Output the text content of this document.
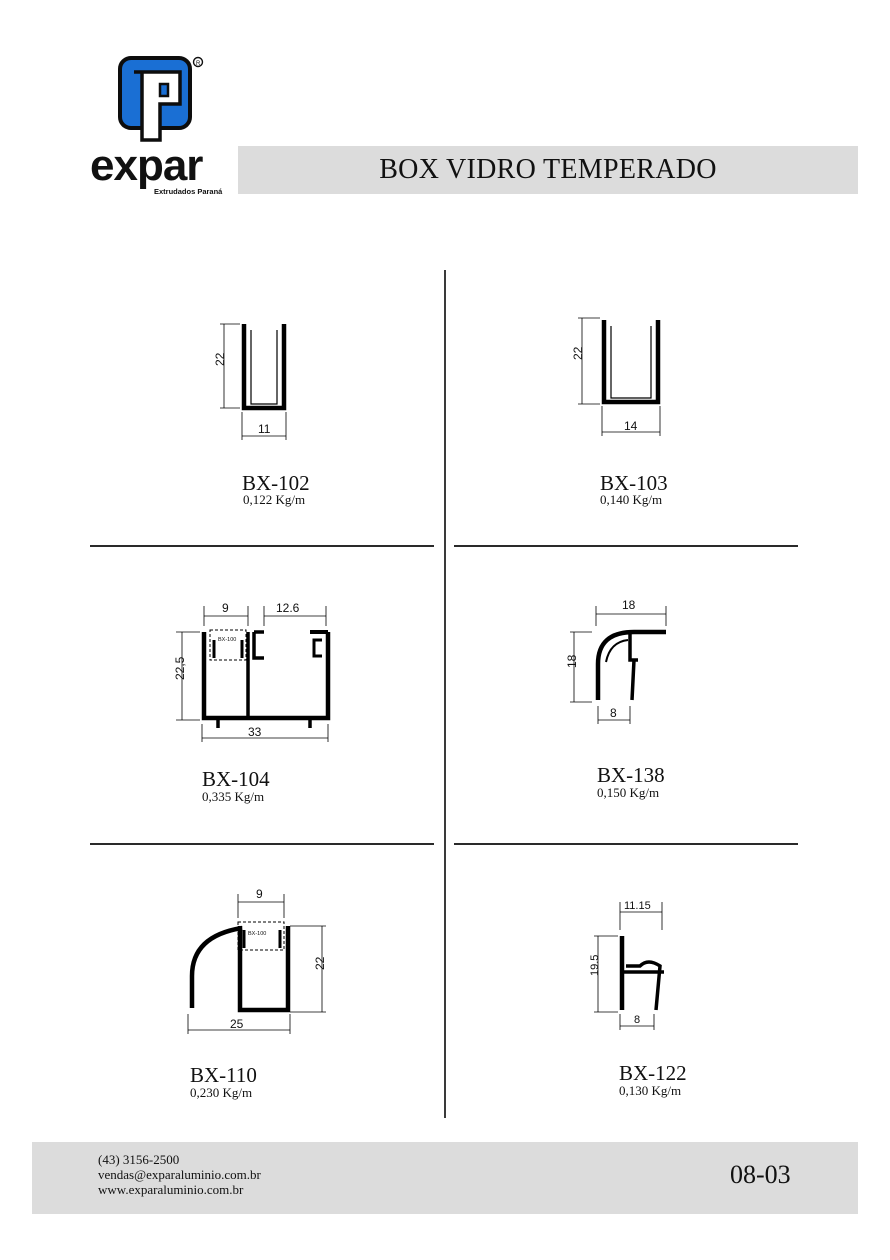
R
expar
Extrudados Paraná
BOX VIDRO TEMPERADO
22
11
BX-102
0,122 Kg/m
22
14
BX-103
0,140 Kg/m
9	12.6
22,5
33
BX-100
BX-104
0,335 Kg/m
18
18
8
BX-138
0,150 Kg/m
9
22
25
BX-100
BX-110
0,230 Kg/m
11.15
19.5
8
BX-122
0,130 Kg/m
(43) 3156-2500
vendas@exparaluminio.com.br
www.exparaluminio.com.br
08-03
